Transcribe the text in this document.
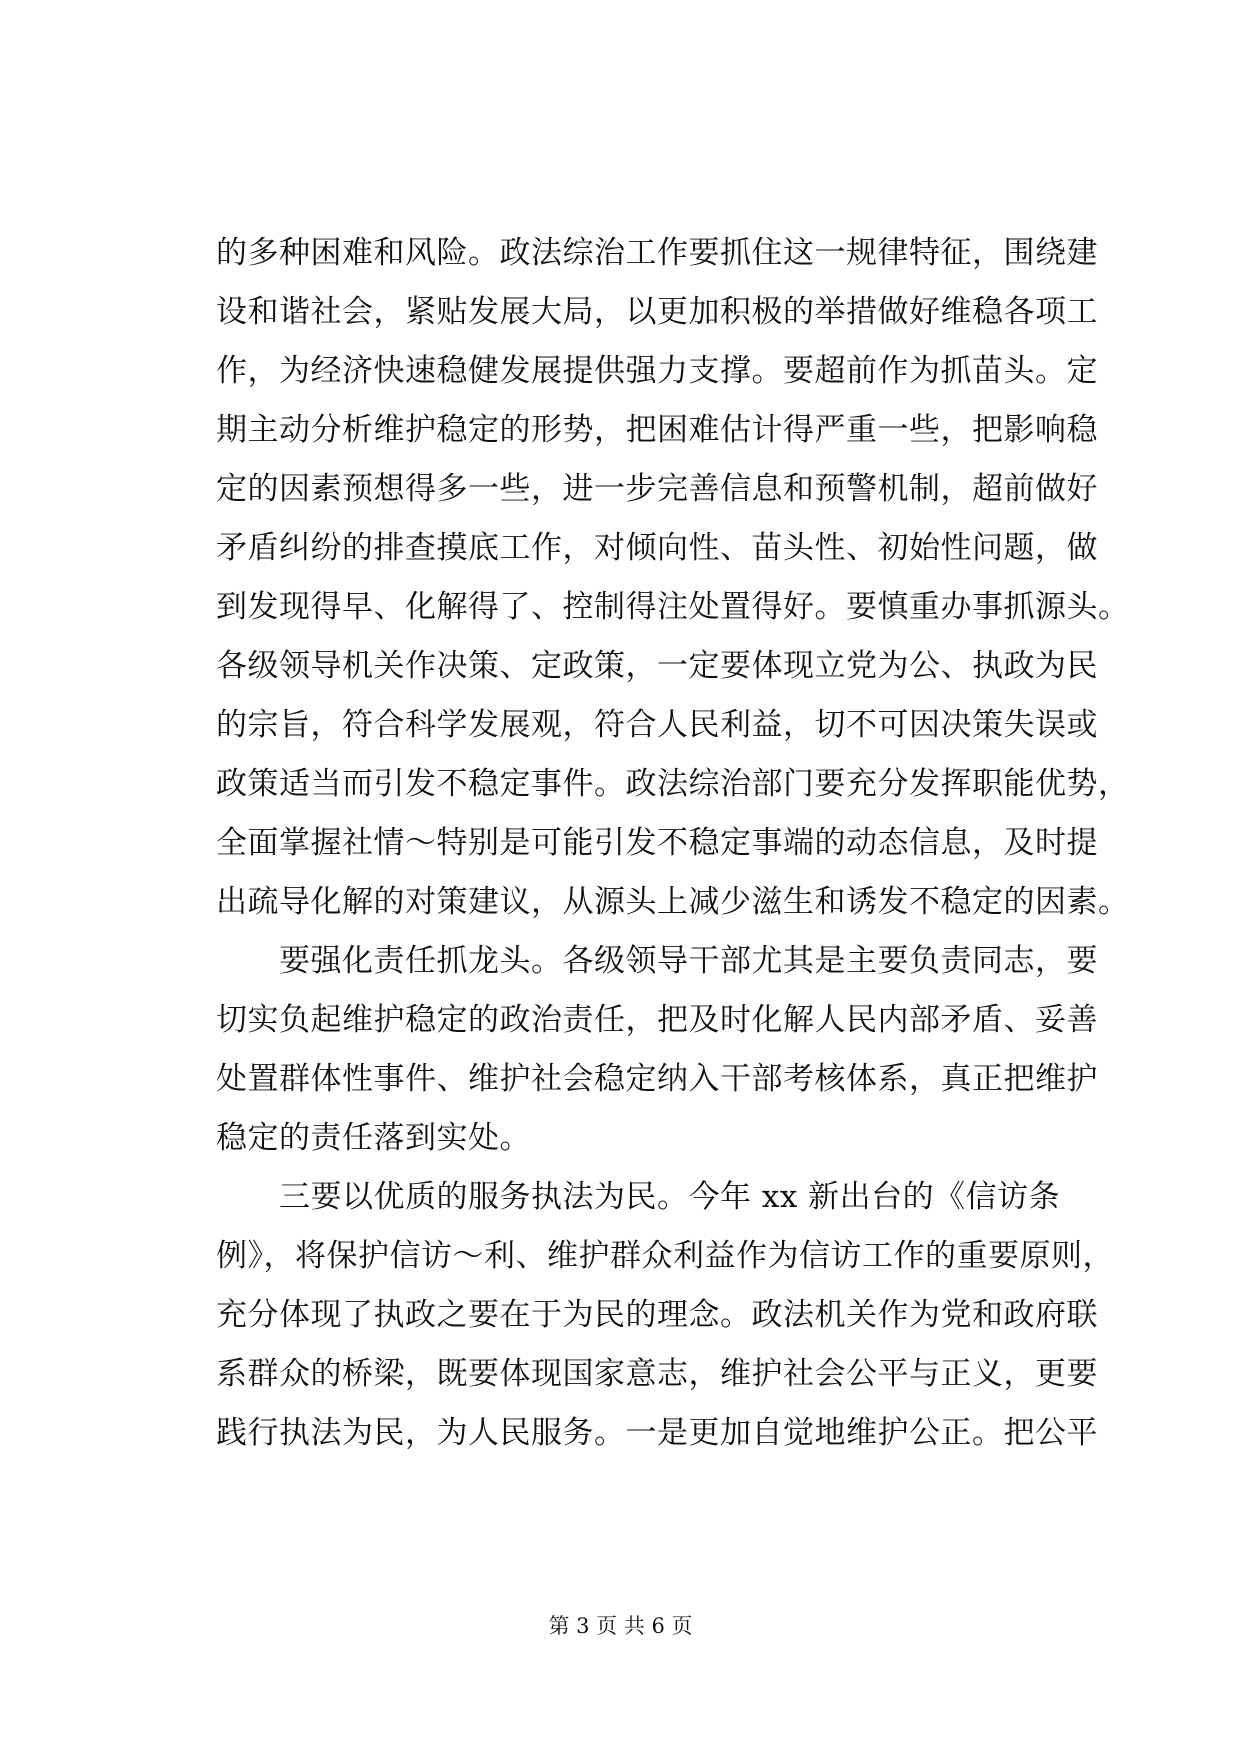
的多种困难和风险。政法综治工作要抓住这一规律特征，围绕建
设和谐社会，紧贴发展大局，以更加积极的举措做好维稳各项工
作，为经济快速稳健发展提供强力支撑。要超前作为抓苗头。定
期主动分析维护稳定的形势，把困难估计得严重一些，把影响稳
定的因素预想得多一些，进一步完善信息和预警机制，超前做好
矛盾纠纷的排查摸底工作，对倾向性、苗头性、初始性问题，做
到发现得早、化解得了、控制得注处置得好。要慎重办事抓源头。
各级领导机关作决策、定政策，一定要体现立党为公、执政为民
的宗旨，符合科学发展观，符合人民利益，切不可因决策失误或
政策适当而引发不稳定事件。政法综治部门要充分发挥职能优势，
全面掌握社情～特别是可能引发不稳定事端的动态信息，及时提
出疏导化解的对策建议，从源头上减少滋生和诱发不稳定的因素。
　　要强化责任抓龙头。各级领导干部尤其是主要负责同志，要
切实负起维护稳定的政治责任，把及时化解人民内部矛盾、妥善
处置群体性事件、维护社会稳定纳入干部考核体系，真正把维护
稳定的责任落到实处。
　　三要以优质的服务执法为民。今年 xx 新出台的《信访条
例》，将保护信访～利、维护群众利益作为信访工作的重要原则，
充分体现了执政之要在于为民的理念。政法机关作为党和政府联
系群众的桥梁，既要体现国家意志，维护社会公平与正义，更要
践行执法为民，为人民服务。一是更加自觉地维护公正。把公平
第 3 页 共 6 页
